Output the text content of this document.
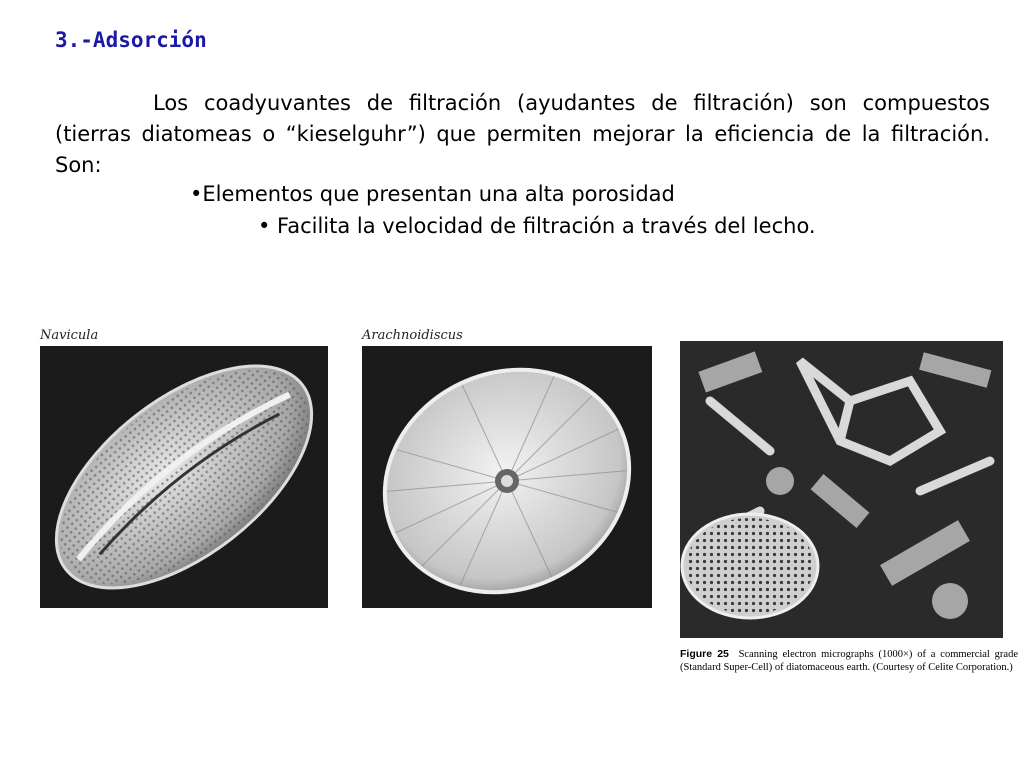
3.-Adsorción
Los coadyuvantes de filtración (ayudantes de filtración) son compuestos (tierras diatomeas o “kieselguhr”) que permiten mejorar la eficiencia de la filtración. Son:
•Elementos que presentan una alta porosidad
• Facilita la velocidad de filtración a través del lecho.
Navicula	Arachnoidiscus
Figure 25 Scanning electron micrographs (1000×) of a commercial grade (Standard Super-Cell) of diatomaceous earth. (Courtesy of Celite Corporation.)
